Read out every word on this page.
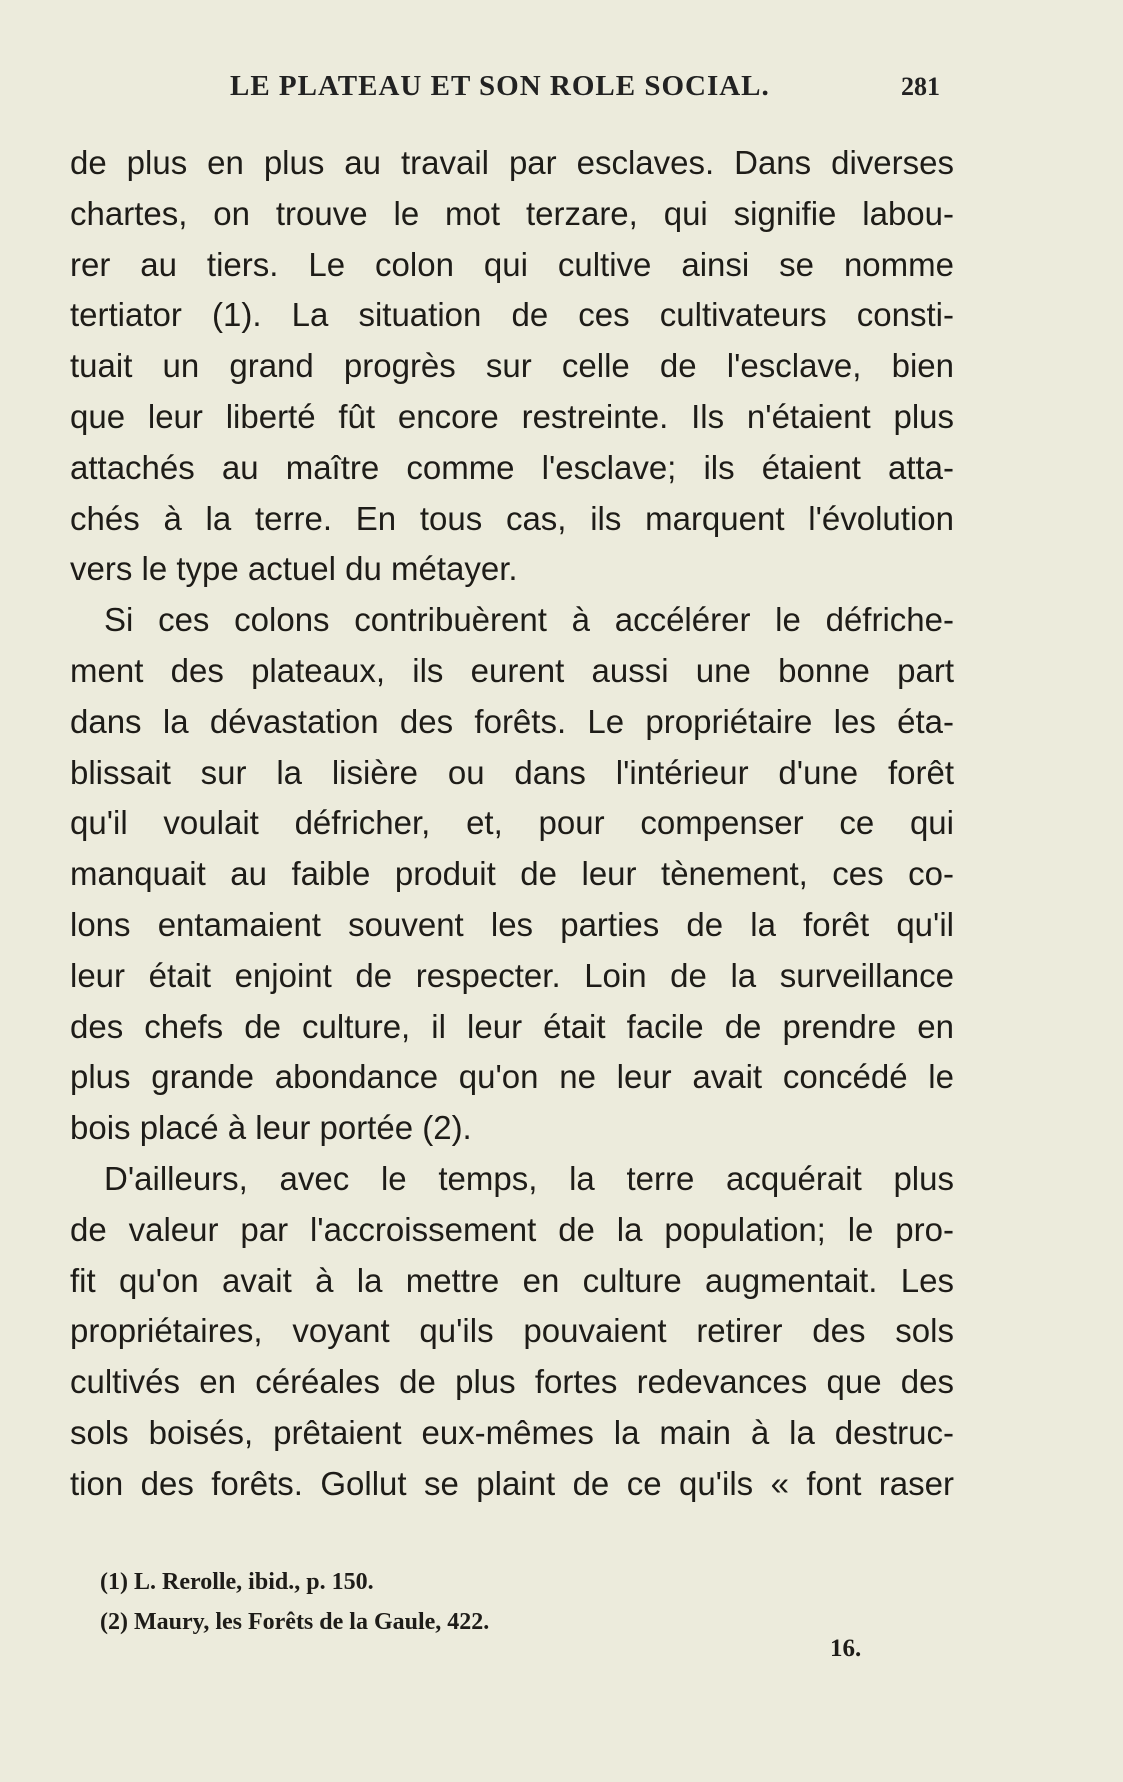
LE PLATEAU ET SON ROLE SOCIAL.	281
de plus en plus au travail par esclaves. Dans diverses
chartes, on trouve le mot terzare, qui signifie labou-
rer au tiers. Le colon qui cultive ainsi se nomme
tertiator (1). La situation de ces cultivateurs consti-
tuait un grand progrès sur celle de l'esclave, bien
que leur liberté fût encore restreinte. Ils n'étaient plus
attachés au maître comme l'esclave; ils étaient atta-
chés à la terre. En tous cas, ils marquent l'évolution
vers le type actuel du métayer.
Si ces colons contribuèrent à accélérer le défriche-
ment des plateaux, ils eurent aussi une bonne part
dans la dévastation des forêts. Le propriétaire les éta-
blissait sur la lisière ou dans l'intérieur d'une forêt
qu'il voulait défricher, et, pour compenser ce qui
manquait au faible produit de leur tènement, ces co-
lons entamaient souvent les parties de la forêt qu'il
leur était enjoint de respecter. Loin de la surveillance
des chefs de culture, il leur était facile de prendre en
plus grande abondance qu'on ne leur avait concédé le
bois placé à leur portée (2).
D'ailleurs, avec le temps, la terre acquérait plus
de valeur par l'accroissement de la population; le pro-
fit qu'on avait à la mettre en culture augmentait. Les
propriétaires, voyant qu'ils pouvaient retirer des sols
cultivés en céréales de plus fortes redevances que des
sols boisés, prêtaient eux-mêmes la main à la destruc-
tion des forêts. Gollut se plaint de ce qu'ils « font raser
(1) L. Rerolle, ibid., p. 150.
(2) Maury, les Forêts de la Gaule, 422.
16.
